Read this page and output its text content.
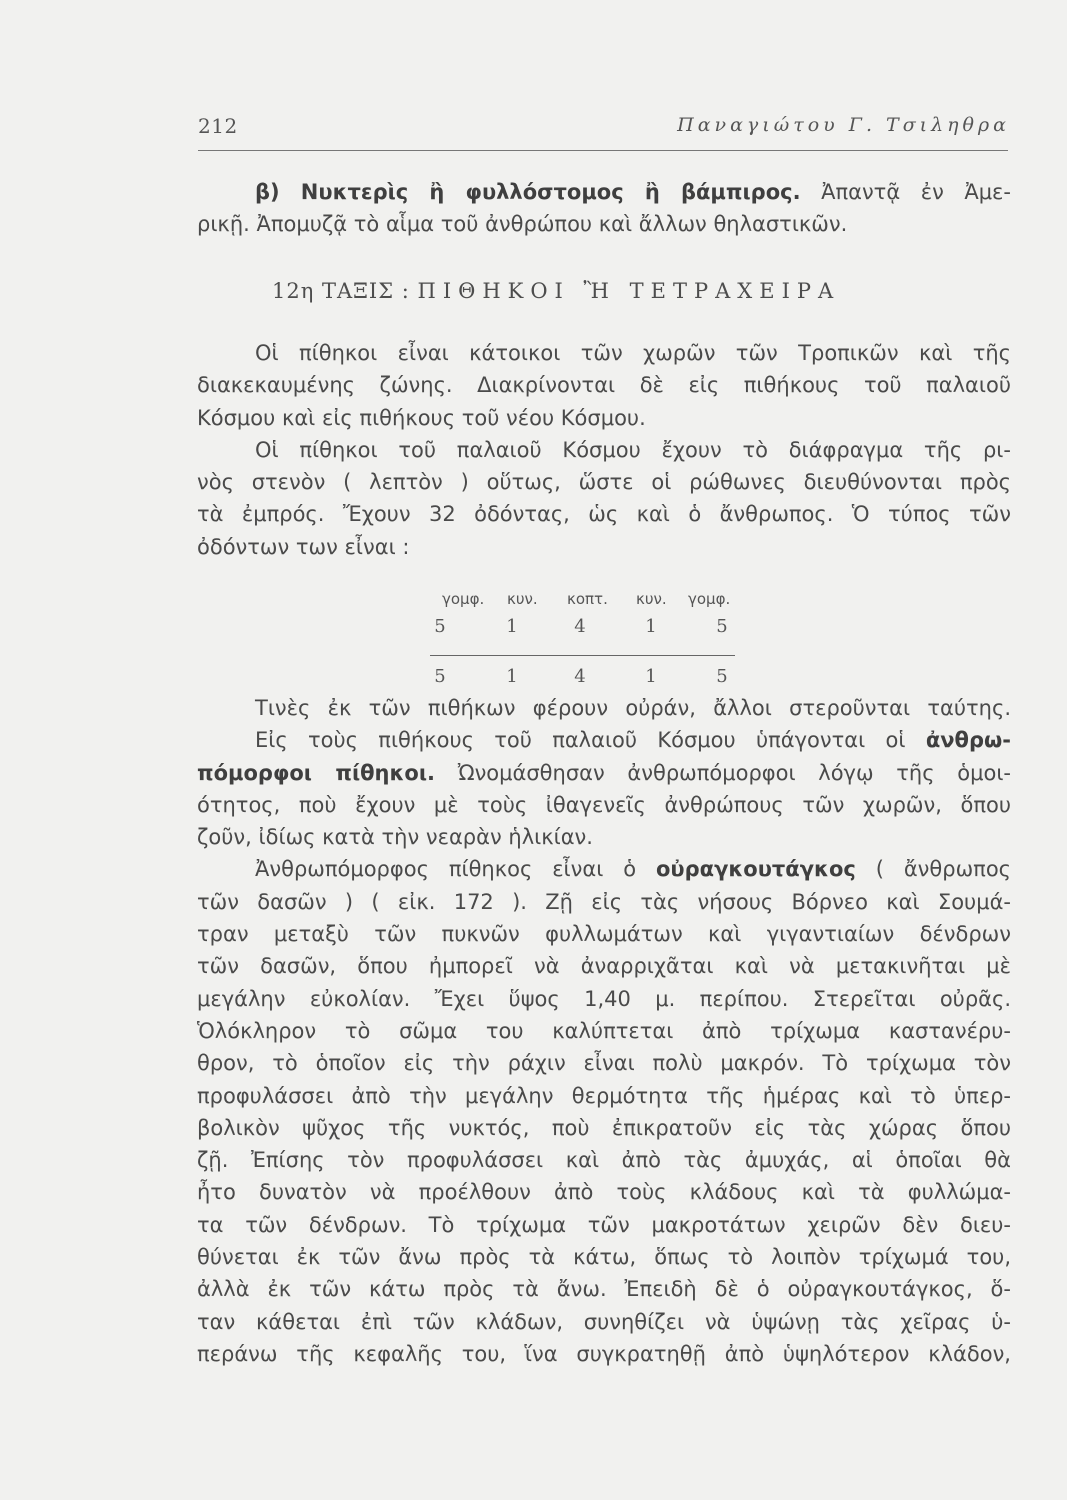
212	Παναγιώτου Γ. Τσιληθρα
β) Νυκτερὶς ἢ φυλλόστομος ἢ βάμπιρος. Ἀπαντᾷ ἐν Ἀμε-
ρικῇ. Ἀπομυζᾷ τὸ αἷμα τοῦ ἀνθρώπου καὶ ἄλλων θηλαστικῶν.
12η ΤΑΞΙΣ : ΠΙΘΗΚΟΙ Ἢ ΤΕΤΡΑΧΕΙΡΑ
Οἱ πίθηκοι εἶναι κάτοικοι τῶν χωρῶν τῶν Τροπικῶν καὶ τῆς
διακεκαυμένης ζώνης. Διακρίνονται δὲ εἰς πιθήκους τοῦ παλαιοῦ
Κόσμου καὶ εἰς πιθήκους τοῦ νέου Κόσμου.
Οἱ πίθηκοι τοῦ παλαιοῦ Κόσμου ἔχουν τὸ διάφραγμα τῆς ρι-
νὸς στενὸν ( λεπτὸν ) οὕτως, ὥστε οἱ ρώθωνες διευθύνονται πρὸς
τὰ ἐμπρός. Ἔχουν 32 ὀδόντας, ὡς καὶ ὁ ἄνθρωπος. Ὁ τύπος τῶν
ὀδόντων των εἶναι :
γομφ. κυν. κοπτ. κυν. γομφ.
5	1	4	1	5
5	1	4	1	5
Τινὲς ἐκ τῶν πιθήκων φέρουν οὐράν, ἄλλοι στεροῦνται ταύτης.
Εἰς τοὺς πιθήκους τοῦ παλαιοῦ Κόσμου ὑπάγονται οἱ ἀνθρω-
πόμορφοι πίθηκοι. Ὠνομάσθησαν ἀνθρωπόμορφοι λόγῳ τῆς ὁμοι-
ότητος, ποὺ ἔχουν μὲ τοὺς ἰθαγενεῖς ἀνθρώπους τῶν χωρῶν, ὅπου
ζοῦν, ἰδίως κατὰ τὴν νεαρὰν ἡλικίαν.
Ἀνθρωπόμορφος πίθηκος εἶναι ὁ οὐραγκουτάγκος ( ἄνθρωπος
τῶν δασῶν ) ( εἰκ. 172 ). Ζῇ εἰς τὰς νήσους Βόρνεο καὶ Σουμά-
τραν μεταξὺ τῶν πυκνῶν φυλλωμάτων καὶ γιγαντιαίων δένδρων
τῶν δασῶν, ὅπου ἠμπορεῖ νὰ ἀναρριχᾶται καὶ νὰ μετακινῆται μὲ
μεγάλην εὐκολίαν. Ἔχει ὕψος 1,40 μ. περίπου. Στερεῖται οὐρᾶς.
Ὁλόκληρον τὸ σῶμα του καλύπτεται ἀπὸ τρίχωμα καστανέρυ-
θρον, τὸ ὁποῖον εἰς τὴν ράχιν εἶναι πολὺ μακρόν. Τὸ τρίχωμα τὸν
προφυλάσσει ἀπὸ τὴν μεγάλην θερμότητα τῆς ἡμέρας καὶ τὸ ὑπερ-
βολικὸν ψῦχος τῆς νυκτός, ποὺ ἐπικρατοῦν εἰς τὰς χώρας ὅπου
ζῇ. Ἐπίσης τὸν προφυλάσσει καὶ ἀπὸ τὰς ἀμυχάς, αἱ ὁποῖαι θὰ
ἦτο δυνατὸν νὰ προέλθουν ἀπὸ τοὺς κλάδους καὶ τὰ φυλλώμα-
τα τῶν δένδρων. Τὸ τρίχωμα τῶν μακροτάτων χειρῶν δὲν διευ-
θύνεται ἐκ τῶν ἄνω πρὸς τὰ κάτω, ὅπως τὸ λοιπὸν τρίχωμά του,
ἀλλὰ ἐκ τῶν κάτω πρὸς τὰ ἄνω. Ἐπειδὴ δὲ ὁ οὐραγκουτάγκος, ὅ-
ταν κάθεται ἐπὶ τῶν κλάδων, συνηθίζει νὰ ὑψώνῃ τὰς χεῖρας ὑ-
περάνω τῆς κεφαλῆς του, ἵνα συγκρατηθῇ ἀπὸ ὑψηλότερον κλάδον,
